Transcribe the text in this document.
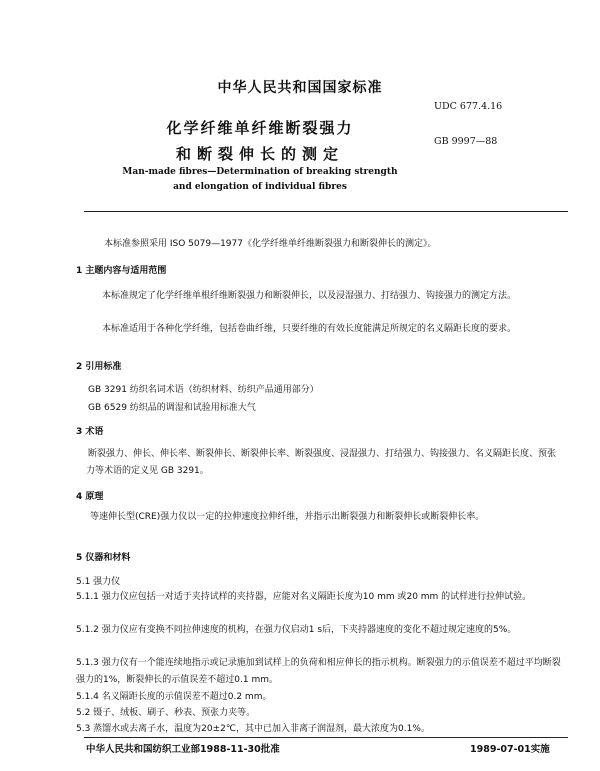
中华人民共和国国家标准
UDC 677.4.16
GB 9997—88
化学纤维单纤维断裂强力
和断裂伸长的测定
Man-made fibres—Determination of breaking strength
and elongation of individual fibres
本标准参照采用 ISO 5079—1977《化学纤维单纤维断裂强力和断裂伸长的测定》。
1 主题内容与适用范围
本标准规定了化学纤维单根纤维断裂强力和断裂伸长，以及浸湿强力、打结强力、钩接强力的测定方法。
本标准适用于各种化学纤维，包括卷曲纤维，只要纤维的有效长度能满足所规定的名义隔距长度的要求。
2 引用标准
GB 3291 纺织名词术语（纺织材料、纺织产品通用部分）
GB 6529 纺织品的调湿和试验用标准大气
3 术语
断裂强力、伸长、伸长率、断裂伸长、断裂伸长率、断裂强度、浸湿强力、打结强力、钩接强力、名义隔距长度、预张力等术语的定义见 GB 3291。
4 原理
等速伸长型(CRE)强力仪以一定的拉伸速度拉伸纤维，并指示出断裂强力和断裂伸长或断裂伸长率。
5 仪器和材料
5.1 强力仪
5.1.1 强力仪应包括一对适于夹持试样的夹持器，应能对名义隔距长度为10 mm 或20 mm 的试样进行拉伸试验。
5.1.2 强力仪应有变换不同拉伸速度的机构，在强力仪启动1 s后，下夹持器速度的变化不超过规定速度的5%。
5.1.3 强力仪有一个能连续地指示或记录施加到试样上的负荷和相应伸长的指示机构。断裂强力的示值误差不超过平均断裂强力的1%，断裂伸长的示值误差不超过0.1 mm。
5.1.4 名义隔距长度的示值误差不超过0.2 mm。
5.2 镊子、绒板、刷子、秒表、预张力夹等。
5.3 蒸馏水或去离子水，温度为20±2℃，其中已加入非离子润湿剂，最大浓度为0.1%。
中华人民共和国纺织工业部1988-11-30批准	1989-07-01实施
